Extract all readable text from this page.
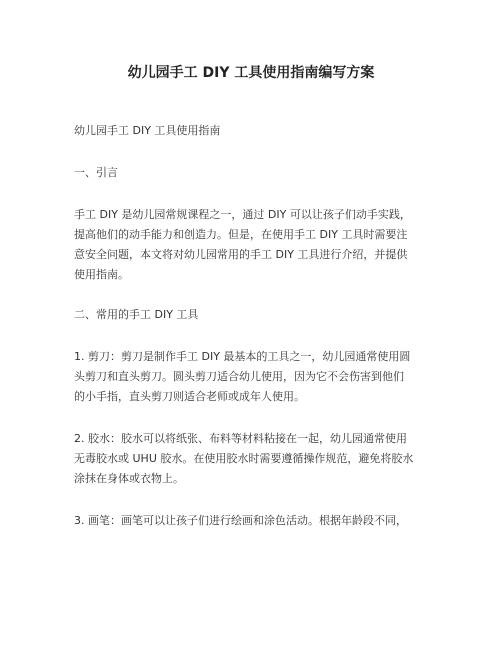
幼儿园手工 DIY 工具使用指南编写方案
幼儿园手工 DIY 工具使用指南
一、引言
手工 DIY 是幼儿园常规课程之一，通过 DIY 可以让孩子们动手实践，
提高他们的动手能力和创造力。但是，在使用手工 DIY 工具时需要注
意安全问题，本文将对幼儿园常用的手工 DIY 工具进行介绍，并提供
使用指南。
二、常用的手工 DIY 工具
1. 剪刀：剪刀是制作手工 DIY 最基本的工具之一，幼儿园通常使用圆
头剪刀和直头剪刀。圆头剪刀适合幼儿使用，因为它不会伤害到他们
的小手指，直头剪刀则适合老师或成年人使用。
2. 胶水：胶水可以将纸张、布料等材料粘接在一起，幼儿园通常使用
无毒胶水或 UHU 胶水。在使用胶水时需要遵循操作规范，避免将胶水
涂抹在身体或衣物上。
3. 画笔：画笔可以让孩子们进行绘画和涂色活动。根据年龄段不同，
